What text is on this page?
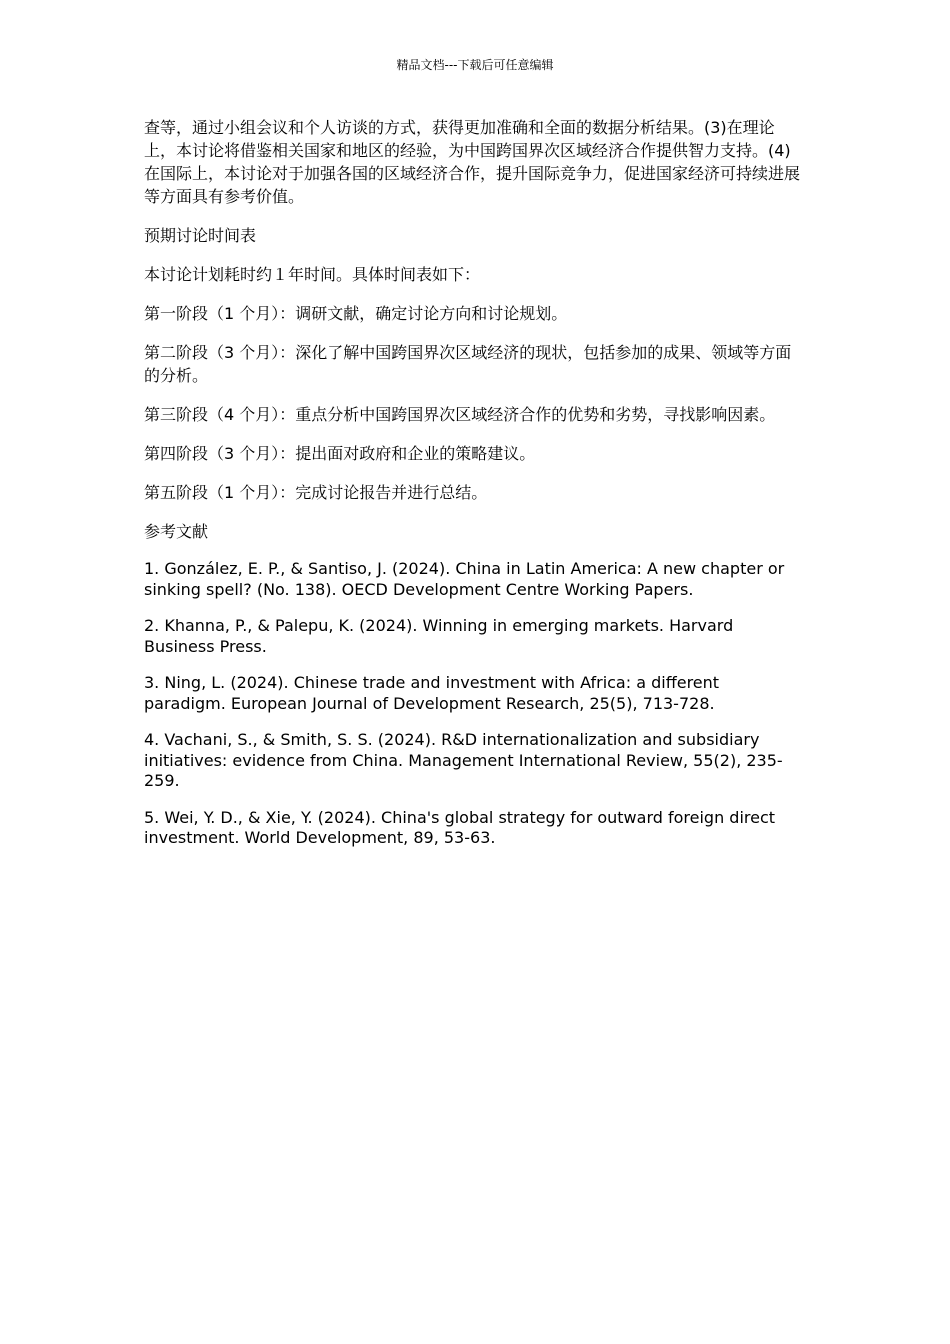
精品文档---下载后可任意编辑

查等，通过小组会议和个人访谈的方式，获得更加准确和全面的数据分析结果。(3)在理论上，本讨论将借鉴相关国家和地区的经验，为中国跨国界次区域经济合作提供智力支持。(4)在国际上，本讨论对于加强各国的区域经济合作，提升国际竞争力，促进国家经济可持续进展等方面具有参考价值。

预期讨论时间表

本讨论计划耗时约１年时间。具体时间表如下：

第一阶段（1 个月）：调研文献，确定讨论方向和讨论规划。

第二阶段（3 个月）：深化了解中国跨国界次区域经济的现状，包括参加的成果、领域等方面的分析。

第三阶段（4 个月）：重点分析中国跨国界次区域经济合作的优势和劣势，寻找影响因素。

第四阶段（3 个月）：提出面对政府和企业的策略建议。

第五阶段（1 个月）：完成讨论报告并进行总结。

参考文献

1. González, E. P., & Santiso, J. (2024). China in Latin America: A new chapter or sinking spell? (No. 138). OECD Development Centre Working Papers.

2. Khanna, P., & Palepu, K. (2024). Winning in emerging markets. Harvard Business Press.

3. Ning, L. (2024). Chinese trade and investment with Africa: a different paradigm. European Journal of Development Research, 25(5), 713-728.

4. Vachani, S., & Smith, S. S. (2024). R&D internationalization and subsidiary initiatives: evidence from China. Management International Review, 55(2), 235-259.

5. Wei, Y. D., & Xie, Y. (2024). China's global strategy for outward foreign direct investment. World Development, 89, 53-63.
